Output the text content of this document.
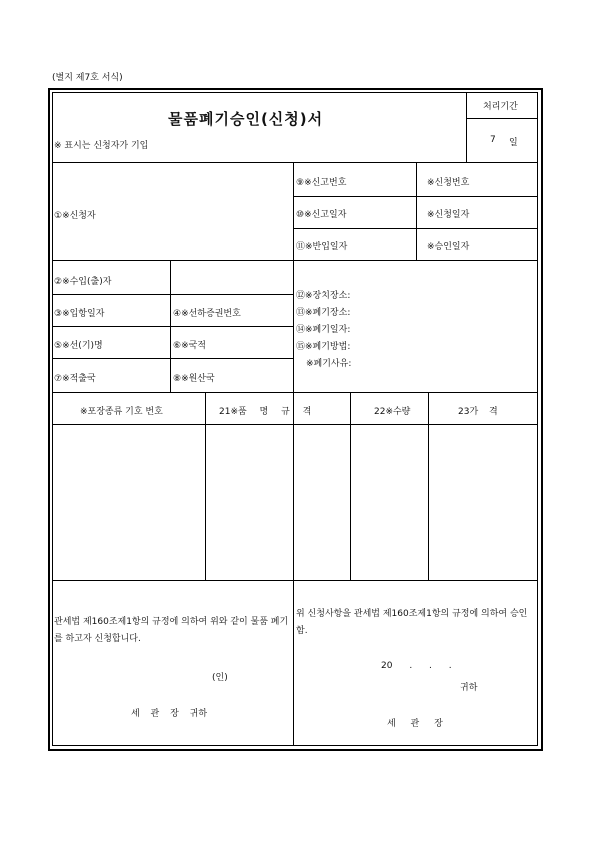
(별지 제7호 서식)
물품폐기승인(신청)서
※ 표시는 신청자가 기입
처리기간
7 일
①※신청자
⑨※신고번호	※신청번호
⑩※신고일자	※신청일자
⑪※반입일자	※승인일자
②※수입(출)자
③※입항일자	④※선하증권번호
⑤※선(기)명	⑥※국적
⑦※적출국	⑧※원산국
⑫※장치장소:
⑬※폐기장소:
⑭※폐기일자:
⑮※폐기방법:
※폐기사유:
※포장종류 기호 번호	21※품 명 규 격	22※수량	23가 격
관세법 제160조제1항의 규정에 의하여 위와 같이 물품 폐기를 하고자 신청합니다.
(인)
세 관 장 귀하
위 신청사항을 관세법 제160조제1항의 규정에 의하여 승인함.
20 . . .
귀하
세 관 장
